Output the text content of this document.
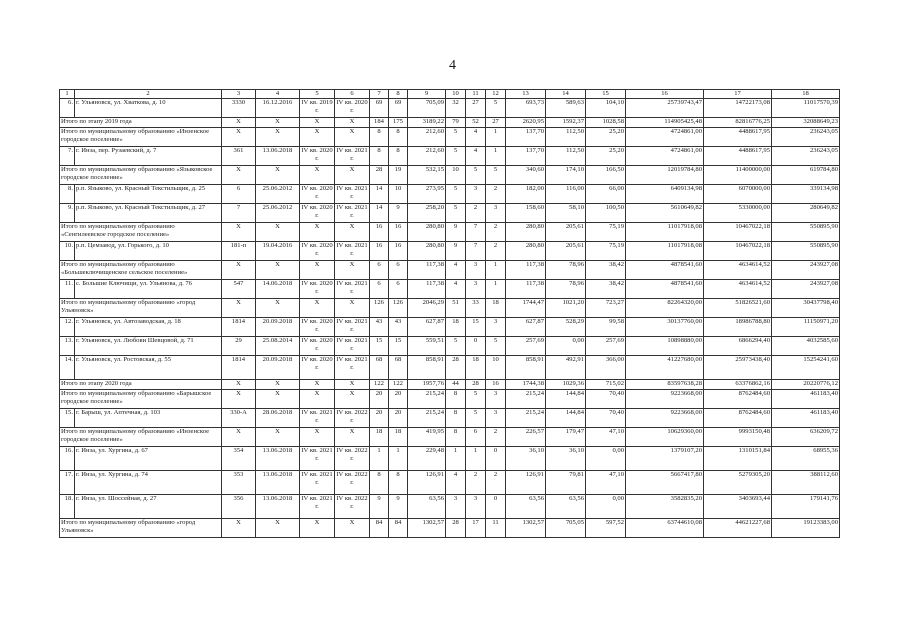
4
1	2	3	4	5	6	7	8	9	10	11	12	13	14	15	16	17	18
6.	г. Ульяновск, ул. Хваткова, д. 10	3330	16.12.2016	IV кв. 2019 г.	IV кв. 2020 г.	69	69	705,09	32	27	5	693,73	589,63	104,10	25739743,47	14722173,08	11017570,39
Итого по этапу 2019 года		X	X	X	X	184	175	3189,22	79	52	27	2620,95	1592,37	1028,58	114905425,48	82816776,25	32088649,23
Итого по муниципальному образованию «Инзенское городское поселение»		X	X	X	X	8	8	212,60	5	4	1	137,70	112,50	25,20	4724861,00	4488617,95	236243,05
7.	г. Инза, пер. Рузаевский, д. 7	361	13.06.2018	IV кв. 2020 г.	IV кв. 2021 г.	8	8	212,60	5	4	1	137,70	112,50	25,20	4724861,00	4488617,95	236243,05
Итого по муниципальному образованию «Языковское городское поселение»		X	X	X	X	28	19	532,15	10	5	5	340,60	174,10	166,50	12019784,80	11400000,00	619784,80
8.	р.п. Языково, ул. Красный Текстильщик, д. 25	6	25.06.2012	IV кв. 2020 г.	IV кв. 2021 г.	14	10	273,95	5	3	2	182,00	116,00	66,00	6409134,98	6070000,00	339134,98
9.	р.п. Языково, ул. Красный Текстильщик, д. 27	7	25.06.2012	IV кв. 2020 г.	IV кв. 2021 г.	14	9	258,20	5	2	3	158,60	58,10	100,50	5610649,82	5330000,00	280649,82
Итого по муниципальному образованию «Сенгилеевское городское поселение»		X	X	X	X	16	16	280,80	9	7	2	280,80	205,61	75,19	11017918,08	10467022,18	550895,90
10.	р.п. Цемзавод, ул. Горького, д. 10	181-п	19.04.2016	IV кв. 2020 г.	IV кв. 2021 г.	16	16	280,80	9	7	2	280,80	205,61	75,19	11017918,08	10467022,18	550895,90
Итого по муниципальному образованию «Большеключищенское сельское поселение»		X	X	X	X	6	6	117,38	4	3	1	117,38	78,96	38,42	4878541,60	4634614,52	243927,08
11.	с. Большие Ключищи, ул. Ульянова, д. 76	547	14.06.2018	IV кв. 2020 г.	IV кв. 2021 г.	6	6	117,38	4	3	1	117,38	78,96	38,42	4878541,60	4634614,52	243927,08
Итого по муниципальному образованию «город Ульяновск»		X	X	X	X	126	126	2046,29	51	33	18	1744,47	1021,20	723,27	82264320,00	51826521,60	30437798,40
12.	г. Ульяновск, ул. Автозаводская, д. 18	1814	20.09.2018	IV кв. 2020 г.	IV кв. 2021 г.	43	43	627,87	18	15	3	627,87	528,29	99,58	30137760,00	18986788,80	11150971,20
13.	г. Ульяновск, ул. Любови Шевцовой, д. 71	29	25.08.2014	IV кв. 2020 г.	IV кв. 2021 г.	15	15	559,51	5	0	5	257,69	0,00	257,69	10898880,00	6866294,40	4032585,60
14.	г. Ульяновск, ул. Ростовская, д. 55	1814	20.09.2018	IV кв. 2020 г.	IV кв. 2021 г.	68	68	858,91	28	18	10	858,91	492,91	366,00	41227680,00	25973438,40	15254241,60
Итого по этапу 2020 года		X	X	X	X	122	122	1957,76	44	28	16	1744,38	1029,36	715,02	83597638,28	63376862,16	20220776,12
Итого по муниципальному образованию «Барышское городское поселение»		X	X	X	X	20	20	215,24	8	5	3	215,24	144,84	70,40	9223668,00	8762484,60	461183,40
15.	г. Барыш, ул. Аптечная, д. 103	330-А	28.06.2018	IV кв. 2021 г.	IV кв. 2022 г.	20	20	215,24	8	5	3	215,24	144,84	70,40	9223668,00	8762484,60	461183,40
Итого по муниципальному образованию «Инзенское городское поселение»		X	X	X	X	18	18	419,95	8	6	2	226,57	179,47	47,10	10629360,00	9993150,48	636209,72
16.	г. Инза, ул. Хургина, д. 67	354	13.06.2018	IV кв. 2021 г.	IV кв. 2022 г.	1	1	229,48	1	1	0	36,10	36,10	0,00	1379107,20	1310151,84	68955,36
17.	г. Инза, ул. Хургина, д. 74	353	13.06.2018	IV кв. 2021 г.	IV кв. 2022 г.	8	8	126,91	4	2	2	126,91	79,81	47,10	5667417,80	5279305,20	388112,60
18.	г. Инза, ул. Шоссейная, д. 27	356	13.06.2018	IV кв. 2021 г.	IV кв. 2022 г.	9	9	63,56	3	3	0	63,56	63,56	0,00	3582835,20	3403693,44	179141,76
Итого по муниципальному образованию «город Ульяновск»		X	X	X	X	84	84	1302,57	28	17	11	1302,57	705,05	597,52	63744610,08	44621227,68	19123383,00
